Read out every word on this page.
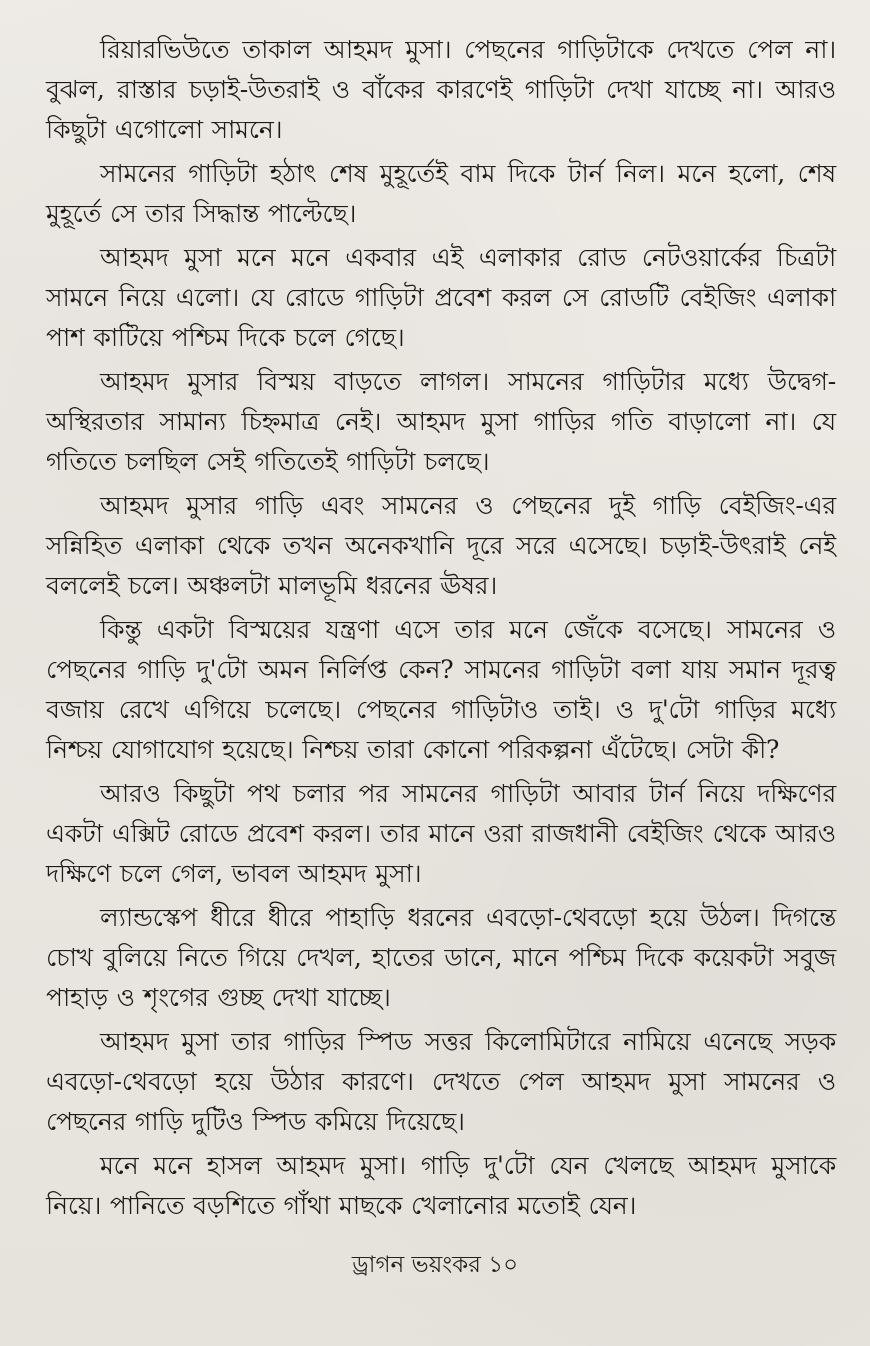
রিয়ারভিউতে তাকাল আহমদ মুসা। পেছনের গাড়িটাকে দেখতে পেল না। বুঝল, রাস্তার চড়াই-উতরাই ও বাঁকের কারণেই গাড়িটা দেখা যাচ্ছে না। আরও কিছুটা এগোলো সামনে।

সামনের গাড়িটা হঠাৎ শেষ মুহূর্তেই বাম দিকে টার্ন নিল। মনে হলো, শেষ মুহূর্তে সে তার সিদ্ধান্ত পাল্টেছে।

আহমদ মুসা মনে মনে একবার এই এলাকার রোড নেটওয়ার্কের চিত্রটা সামনে নিয়ে এলো। যে রোডে গাড়িটা প্রবেশ করল সে রোডটি বেইজিং এলাকা পাশ কাটিয়ে পশ্চিম দিকে চলে গেছে।

আহমদ মুসার বিস্ময় বাড়তে লাগল। সামনের গাড়িটার মধ্যে উদ্বেগ-অস্থিরতার সামান্য চিহ্নমাত্র নেই। আহমদ মুসা গাড়ির গতি বাড়ালো না। যে গতিতে চলছিল সেই গতিতেই গাড়িটা চলছে।

আহমদ মুসার গাড়ি এবং সামনের ও পেছনের দুই গাড়ি বেইজিং-এর সন্নিহিত এলাকা থেকে তখন অনেকখানি দূরে সরে এসেছে। চড়াই-উৎরাই নেই বললেই চলে। অঞ্চলটা মালভূমি ধরনের ঊষর।

কিন্তু একটা বিস্ময়ের যন্ত্রণা এসে তার মনে জেঁকে বসেছে। সামনের ও পেছনের গাড়ি দু'টো অমন নির্লিপ্ত কেন? সামনের গাড়িটা বলা যায় সমান দূরত্ব বজায় রেখে এগিয়ে চলেছে। পেছনের গাড়িটাও তাই। ও দু'টো গাড়ির মধ্যে নিশ্চয় যোগাযোগ হয়েছে। নিশ্চয় তারা কোনো পরিকল্পনা এঁটেছে। সেটা কী?

আরও কিছুটা পথ চলার পর সামনের গাড়িটা আবার টার্ন নিয়ে দক্ষিণের একটা এক্সিট রোডে প্রবেশ করল। তার মানে ওরা রাজধানী বেইজিং থেকে আরও দক্ষিণে চলে গেল, ভাবল আহমদ মুসা।

ল্যান্ডস্কেপ ধীরে ধীরে পাহাড়ি ধরনের এবড়ো-থেবড়ো হয়ে উঠল। দিগন্তে চোখ বুলিয়ে নিতে গিয়ে দেখল, হাতের ডানে, মানে পশ্চিম দিকে কয়েকটা সবুজ পাহাড় ও শৃংগের গুচ্ছ দেখা যাচ্ছে।

আহমদ মুসা তার গাড়ির স্পিড সত্তর কিলোমিটারে নামিয়ে এনেছে সড়ক এবড়ো-থেবড়ো হয়ে উঠার কারণে। দেখতে পেল আহমদ মুসা সামনের ও পেছনের গাড়ি দুটিও স্পিড কমিয়ে দিয়েছে।

মনে মনে হাসল আহমদ মুসা। গাড়ি দু'টো যেন খেলছে আহমদ মুসাকে নিয়ে। পানিতে বড়শিতে গাঁথা মাছকে খেলানোর মতোই যেন।

ড্রাগন ভয়ংকর ১০
